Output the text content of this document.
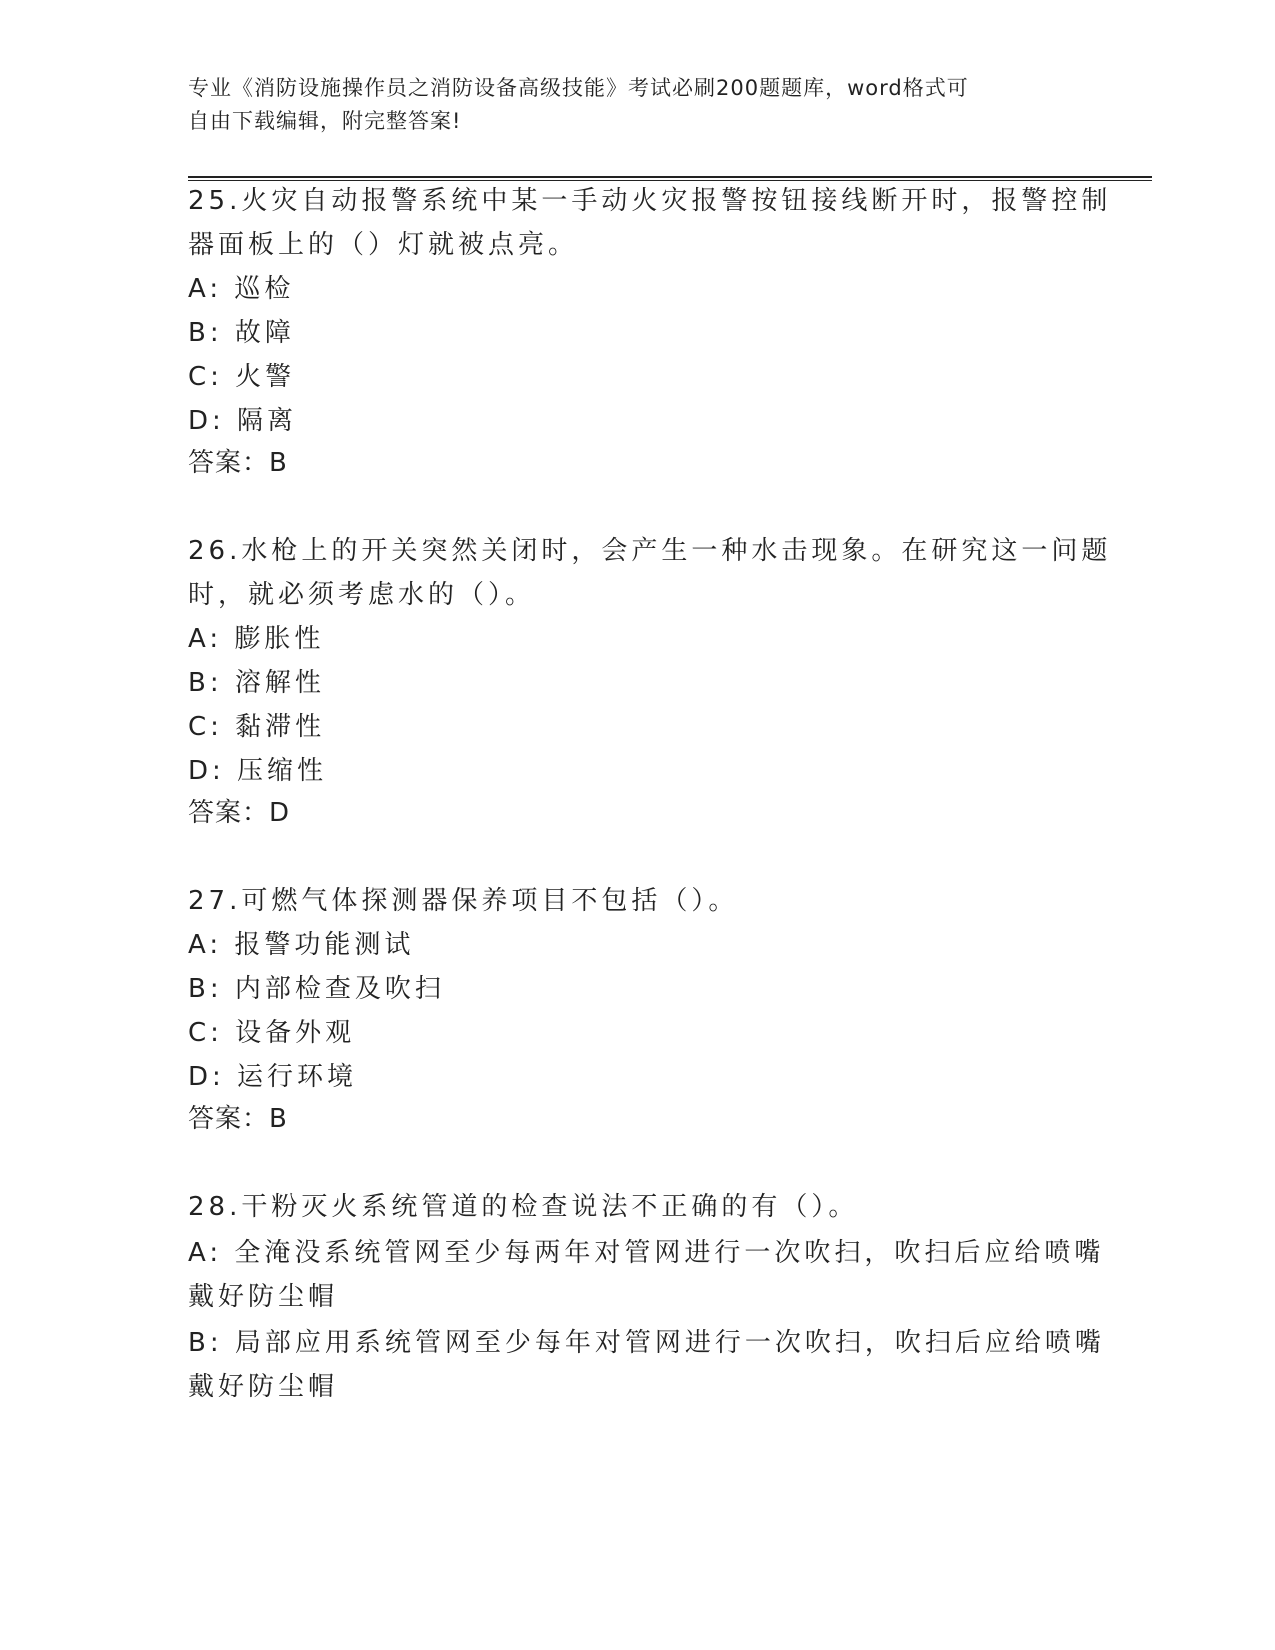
专业《消防设施操作员之消防设备高级技能》考试必刷200题题库，word格式可
自由下载编辑，附完整答案!
25.火灾自动报警系统中某一手动火灾报警按钮接线断开时，报警控制
器面板上的（）灯就被点亮。
A: 巡检
B: 故障
C: 火警
D: 隔离
答案：B
26.水枪上的开关突然关闭时，会产生一种水击现象。在研究这一问题
时，就必须考虑水的（）。
A: 膨胀性
B: 溶解性
C: 黏滞性
D: 压缩性
答案：D
27.可燃气体探测器保养项目不包括（）。
A: 报警功能测试
B: 内部检查及吹扫
C: 设备外观
D: 运行环境
答案：B
28.干粉灭火系统管道的检查说法不正确的有（）。
A: 全淹没系统管网至少每两年对管网进行一次吹扫，吹扫后应给喷嘴
戴好防尘帽
B: 局部应用系统管网至少每年对管网进行一次吹扫，吹扫后应给喷嘴
戴好防尘帽
